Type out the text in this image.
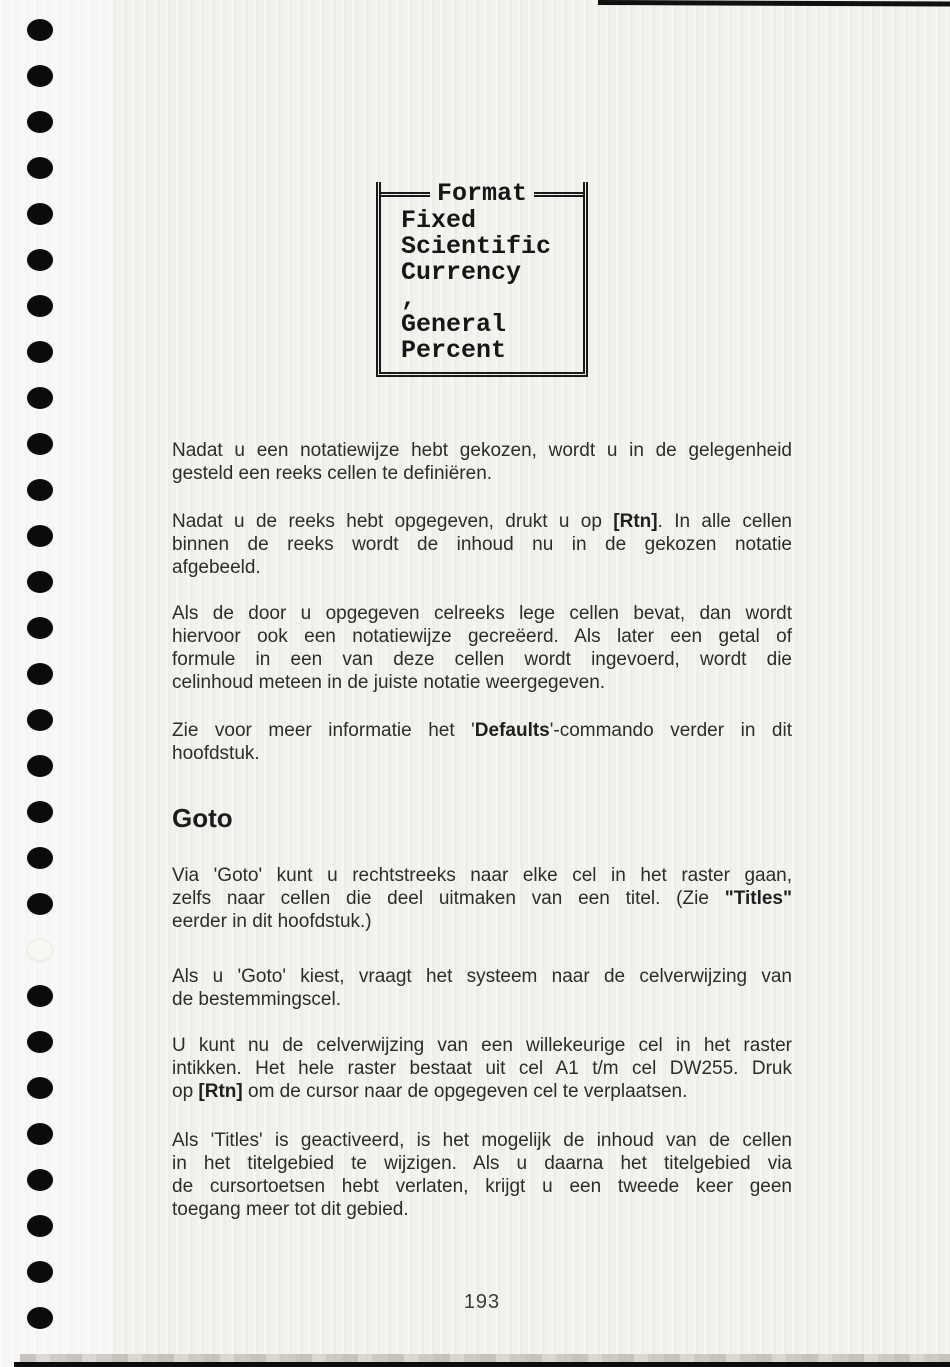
Format
Fixed
Scientific
Currency
,
General
Percent
Nadat u een notatiewijze hebt gekozen, wordt u in de gelegenheid
gesteld een reeks cellen te definiëren.
Nadat u de reeks hebt opgegeven, drukt u op [Rtn]. In alle cellen
binnen de reeks wordt de inhoud nu in de gekozen notatie
afgebeeld.
Als de door u opgegeven celreeks lege cellen bevat, dan wordt
hiervoor ook een notatiewijze gecreëerd. Als later een getal of
formule in een van deze cellen wordt ingevoerd, wordt die
celinhoud meteen in de juiste notatie weergegeven.
Zie voor meer informatie het 'Defaults'-commando verder in dit
hoofdstuk.
Goto
Via 'Goto' kunt u rechtstreeks naar elke cel in het raster gaan,
zelfs naar cellen die deel uitmaken van een titel. (Zie "Titles"
eerder in dit hoofdstuk.)
Als u 'Goto' kiest, vraagt het systeem naar de celverwijzing van
de bestemmingscel.
U kunt nu de celverwijzing van een willekeurige cel in het raster
intikken. Het hele raster bestaat uit cel A1 t/m cel DW255. Druk
op [Rtn] om de cursor naar de opgegeven cel te verplaatsen.
Als 'Titles' is geactiveerd, is het mogelijk de inhoud van de cellen
in het titelgebied te wijzigen. Als u daarna het titelgebied via
de cursortoetsen hebt verlaten, krijgt u een tweede keer geen
toegang meer tot dit gebied.
193
